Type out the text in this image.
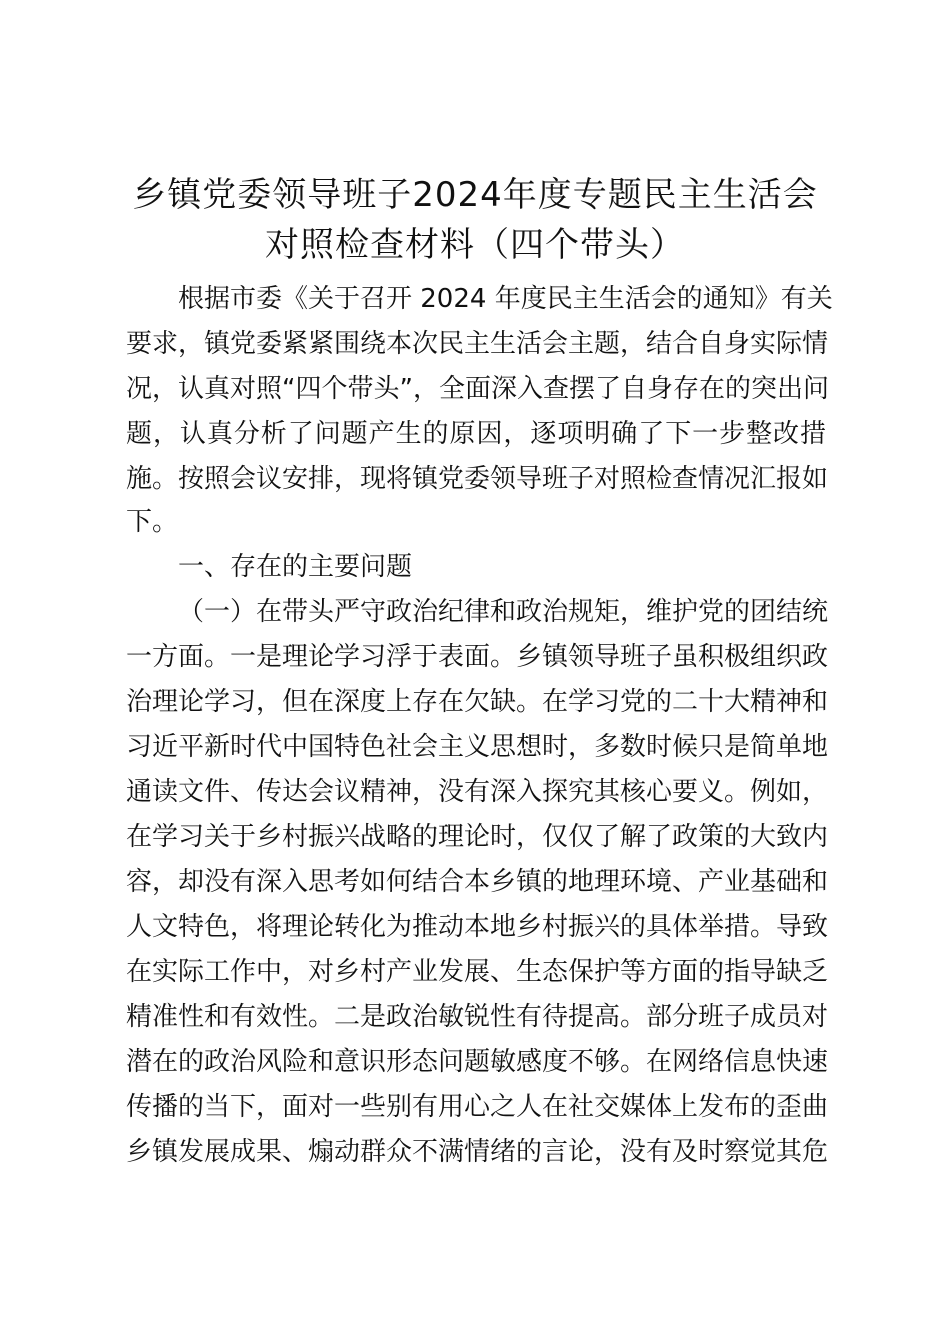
乡镇党委领导班子2024年度专题民主生活会
对照检查材料（四个带头）
根据市委《关于召开 2024 年度民主生活会的通知》有关
要求，镇党委紧紧围绕本次民主生活会主题，结合自身实际情
况，认真对照“四个带头”，全面深入查摆了自身存在的突出问
题，认真分析了问题产生的原因，逐项明确了下一步整改措
施。按照会议安排，现将镇党委领导班子对照检查情况汇报如
下。
一、存在的主要问题
（一）在带头严守政治纪律和政治规矩，维护党的团结统
一方面。一是理论学习浮于表面。乡镇领导班子虽积极组织政
治理论学习，但在深度上存在欠缺。在学习党的二十大精神和
习近平新时代中国特色社会主义思想时，多数时候只是简单地
通读文件、传达会议精神，没有深入探究其核心要义。例如，
在学习关于乡村振兴战略的理论时，仅仅了解了政策的大致内
容，却没有深入思考如何结合本乡镇的地理环境、产业基础和
人文特色，将理论转化为推动本地乡村振兴的具体举措。导致
在实际工作中，对乡村产业发展、生态保护等方面的指导缺乏
精准性和有效性。二是政治敏锐性有待提高。部分班子成员对
潜在的政治风险和意识形态问题敏感度不够。在网络信息快速
传播的当下，面对一些别有用心之人在社交媒体上发布的歪曲
乡镇发展成果、煽动群众不满情绪的言论，没有及时察觉其危
